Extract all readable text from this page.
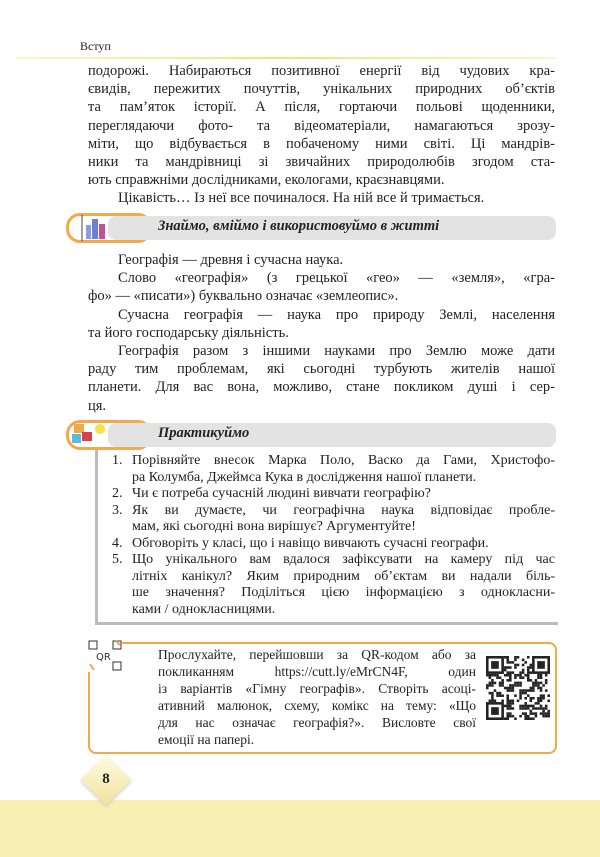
Вступ
подорожі. Набираються позитивної енергії від чудових кра-
євидів, пережитих почуттів, унікальних природних об’єктів
та пам’яток історії. А після, гортаючи польові щоденники,
переглядаючи фото- та відеоматеріали, намагаються зрозу-
міти, що відбувається в побаченому ними світі. Ці мандрів-
ники та мандрівниці зі звичайних природолюбів згодом ста-
ють справжніми дослідниками, екологами, краєзнавцями.
Цікавість… Із неї все починалося. На ній все й тримається.
Знаймо, вміймо і використовуймо в житті
Географія — древня і сучасна наука.
Слово «географія» (з грецької «гео» — «земля», «гра-
фо» — «писати») буквально означає «землеопис».
Сучасна географія — наука про природу Землі, населення
та його господарську діяльність.
Географія разом з іншими науками про Землю може дати
раду тим проблемам, які сьогодні турбують жителів нашої
планети. Для вас вона, можливо, стане покликом душі і сер-
ця.
Практикуймо
1. Порівняйте внесок Марка Поло, Васко да Гами, Христофо-
ра Колумба, Джеймса Кука в дослідження нашої планети.
2. Чи є потреба сучасній людині вивчати географію?
3. Як ви думаєте, чи географічна наука відповідає пробле-
мам, які сьогодні вона вирішує? Аргументуйте!
4. Обговоріть у класі, що і навіщо вивчають сучасні географи.
5. Що унікального вам вдалося зафіксувати на камеру під час
літніх канікул? Яким природним об’єктам ви надали біль-
ше значення? Поділіться цією інформацією з однокласни-
ками / однокласницями.
QR	Прослухайте, перейшовши за QR-кодом або за
покликанням https://cutt.ly/eMrCN4F, один
із варіантів «Гімну географів». Створіть асоці-
ативний малюнок, схему, комікс на тему: «Що
для нас означає географія?». Висловте свої
емоції на папері.
8
